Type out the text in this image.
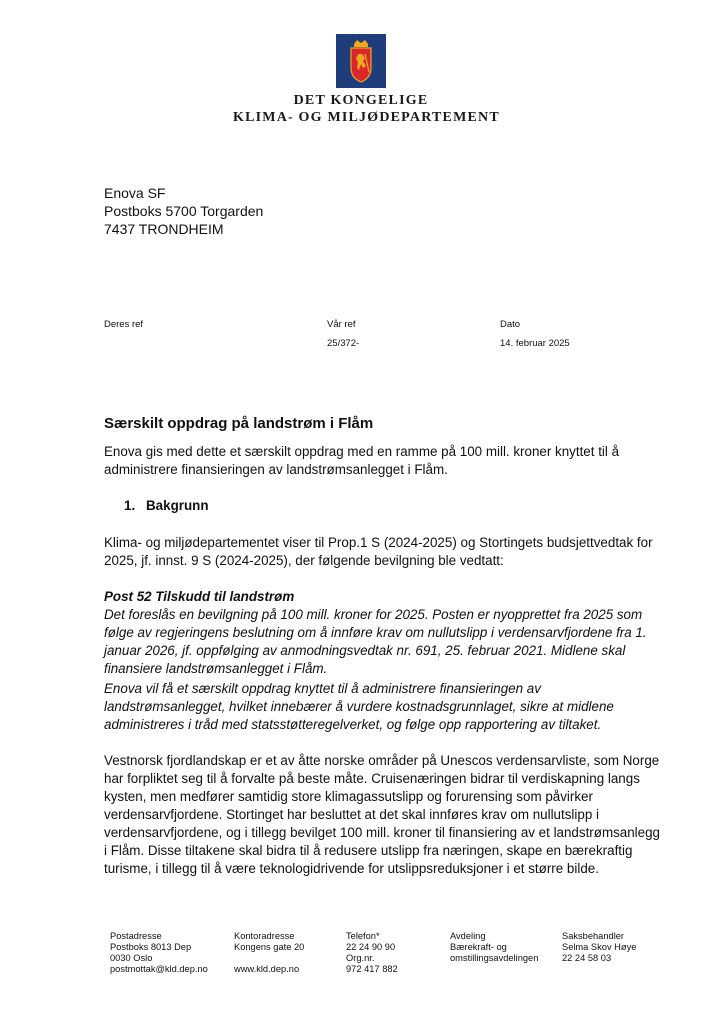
DET KONGELIGE
KLIMA- OG MILJØDEPARTEMENT
Enova SF
Postboks 5700 Torgarden
7437 TRONDHEIM
Deres ref	Vår ref
25/372-
Dato
14. februar 2025
Særskilt oppdrag på landstrøm i Flåm
Enova gis med dette et særskilt oppdrag med en ramme på 100 mill. kroner knyttet til å administrere finansieringen av landstrømsanlegget i Flåm.
1. Bakgrunn
Klima- og miljødepartementet viser til Prop.1 S (2024-2025) og Stortingets budsjettvedtak for 2025, jf. innst. 9 S (2024-2025), der følgende bevilgning ble vedtatt:
Post 52 Tilskudd til landstrøm
Det foreslås en bevilgning på 100 mill. kroner for 2025. Posten er nyopprettet fra 2025 som følge av regjeringens beslutning om å innføre krav om nullutslipp i verdensarvfjordene fra 1. januar 2026, jf. oppfølging av anmodningsvedtak nr. 691, 25. februar 2021. Midlene skal finansiere landstrømsanlegget i Flåm.
Enova vil få et særskilt oppdrag knyttet til å administrere finansieringen av landstrømsanlegget, hvilket innebærer å vurdere kostnadsgrunnlaget, sikre at midlene administreres i tråd med statsstøtteregelverket, og følge opp rapportering av tiltaket.
Vestnorsk fjordlandskap er et av åtte norske områder på Unescos verdensarvliste, som Norge har forpliktet seg til å forvalte på beste måte. Cruisenæringen bidrar til verdiskapning langs kysten, men medfører samtidig store klimagassutslipp og forurensing som påvirker verdensarvfjordene. Stortinget har besluttet at det skal innføres krav om nullutslipp i verdensarvfjordene, og i tillegg bevilget 100 mill. kroner til finansiering av et landstrømsanlegg i Flåm. Disse tiltakene skal bidra til å redusere utslipp fra næringen, skape en bærekraftig turisme, i tillegg til å være teknologidrivende for utslippsreduksjoner i et større bilde.
Postadresse
Postboks 8013 Dep
0030 Oslo
postmottak@kld.dep.no
Kontoradresse
Kongens gate 20

www.kld.dep.no
Telefon*
22 24 90 90
Org.nr.
972 417 882
Avdeling
Bærekraft- og
omstillingsavdelingen
Saksbehandler
Selma Skov Høye
22 24 58 03
